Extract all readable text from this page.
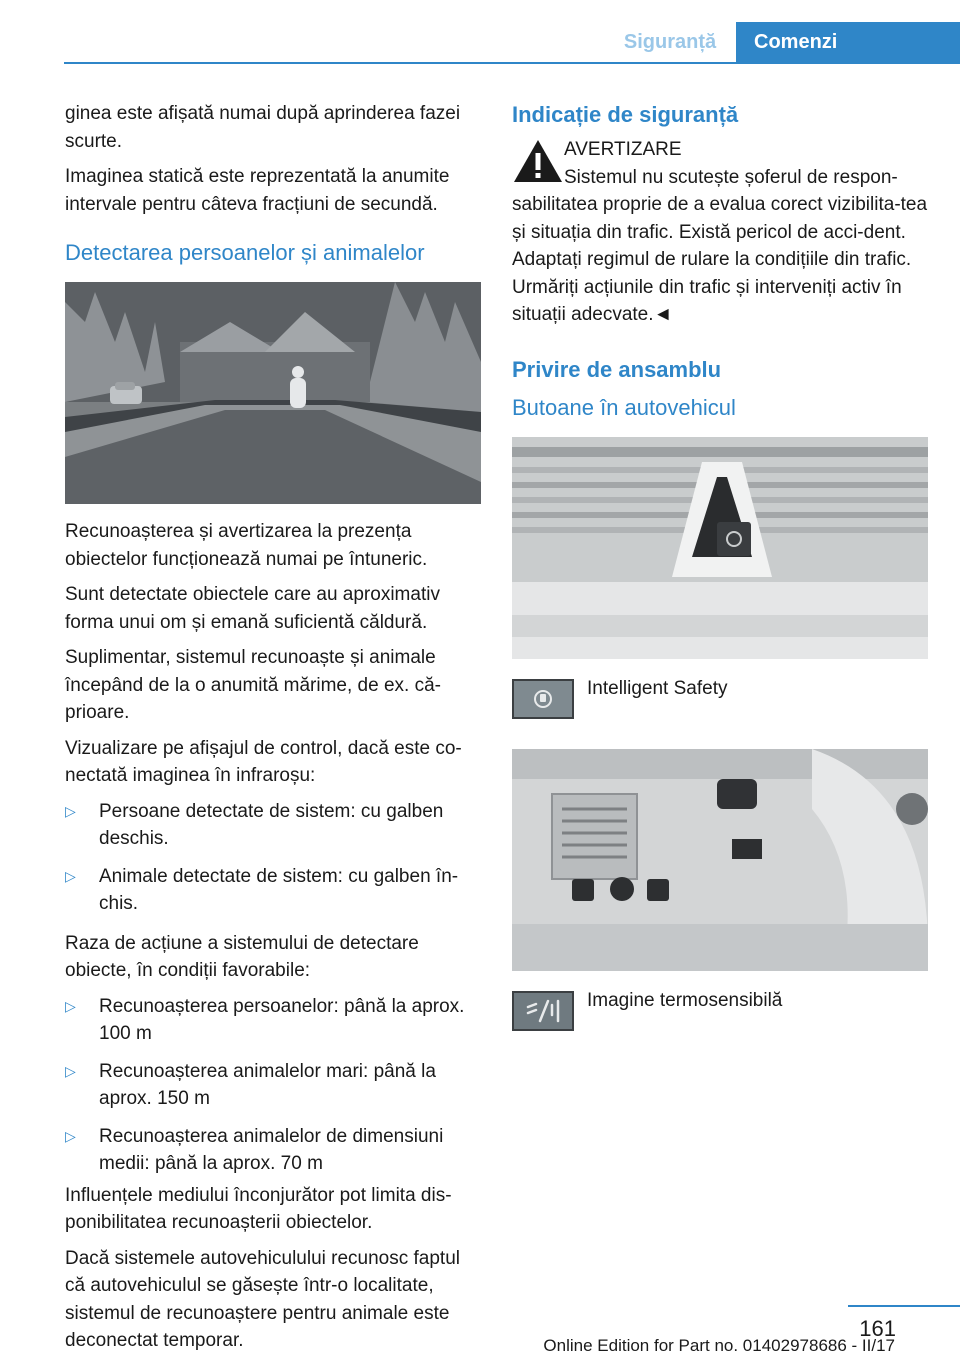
Siguranță	Comenzi

ginea este afișată numai după aprinderea fazei scurte.

Imaginea statică este reprezentată la anumite intervale pentru câteva fracțiuni de secundă.

Detectarea persoanelor și animalelor

Recunoașterea și avertizarea la prezența obiectelor funcționează numai pe întuneric.

Sunt detectate obiectele care au aproximativ forma unui om și emană suficientă căldură.

Suplimentar, sistemul recunoaște și animale începând de la o anumită mărime, de ex. că-prioare.

Vizualizare pe afișajul de control, dacă este co-nectată imaginea în infraroșu:

▷ Persoane detectate de sistem: cu galben deschis.
▷ Animale detectate de sistem: cu galben în-chis.

Raza de acțiune a sistemului de detectare obiecte, în condiții favorabile:

▷ Recunoașterea persoanelor: până la aprox. 100 m
▷ Recunoașterea animalelor mari: până la aprox. 150 m
▷ Recunoașterea animalelor de dimensiuni medii: până la aprox. 70 m

Influențele mediului înconjurător pot limita dis-ponibilitatea recunoașterii obiectelor.

Dacă sistemele autovehiculului recunosc faptul că autovehiculul se găsește într-o localitate, sistemul de recunoaștere pentru animale este deconectat temporar.

Indicație de siguranță

AVERTIZARE

Sistemul nu scutește șoferul de respon-sabilitatea proprie de a evalua corect vizibilita-tea și situația din trafic. Există pericol de acci-dent. Adaptați regimul de rulare la condițiile din trafic. Urmăriți acțiunile din trafic și interveniți activ în situații adecvate.◄

Privire de ansamblu
Butoane în autovehicul
Intelligent Safety
Imagine termosensibilă
161
Online Edition for Part no. 01402978686 - II/17
